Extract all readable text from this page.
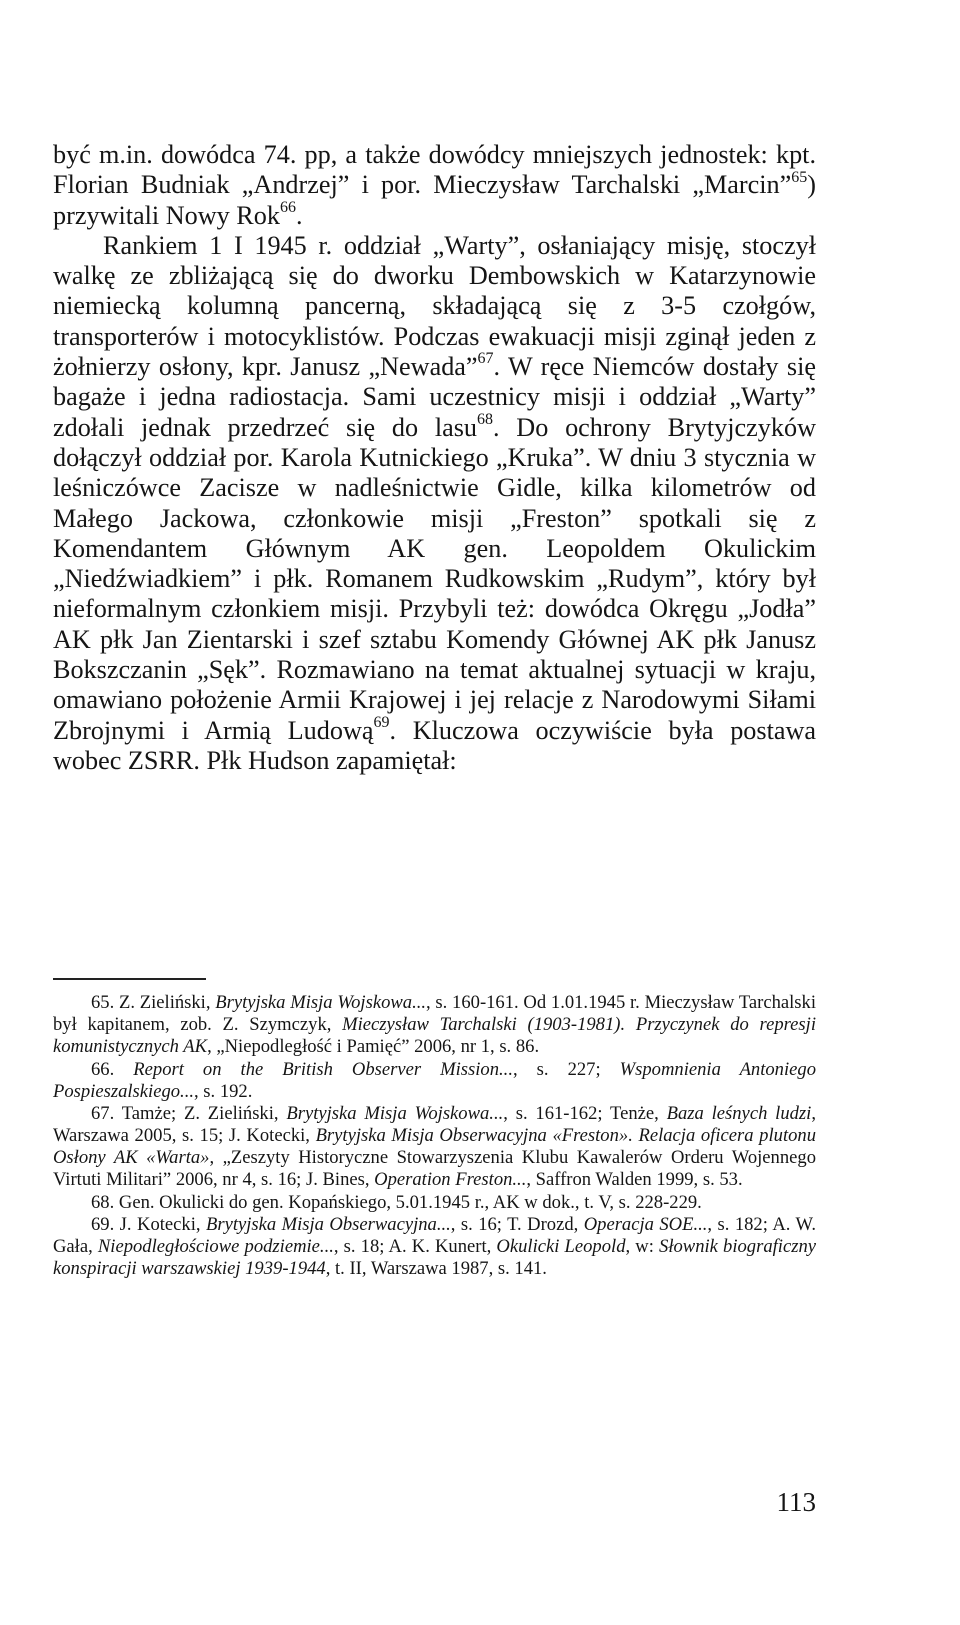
być m.in. dowódca 74. pp, a także dowódcy mniejszych jednostek: kpt. Florian Budniak „Andrzej” i por. Mieczysław Tarchalski „Marcin”$^{65}$) przywitali Nowy Rok$^{66}$.

Rankiem 1 I 1945 r. oddział „Warty”, osłaniający misję, stoczył walkę ze zbliżającą się do dworku Dembowskich w Katarzynowie niemiecką kolumną pancerną, składającą się z 3-5 czołgów, transporterów i motocyklistów. Podczas ewakuacji misji zginął jeden z żołnierzy osłony, kpr. Janusz „Newada”$^{67}$. W ręce Niemców dostały się bagaże i jedna radiostacja. Sami uczestnicy misji i oddział „Warty” zdołali jednak przedrzeć się do lasu$^{68}$. Do ochrony Brytyjczyków dołączył oddział por. Karola Kutnickiego „Kruka”. W dniu 3 stycznia w leśniczówce Zacisze w nadleśnictwie Gidle, kilka kilometrów od Małego Jackowa, członkowie misji „Freston” spotkali się z Komendantem Głównym AK gen. Leopoldem Okulickim „Niedźwiadkiem” i płk. Romanem Rudkowskim „Rudym”, który był nieformalnym członkiem misji. Przybyli też: dowódca Okręgu „Jodła” AK płk Jan Zientarski i szef sztabu Komendy Głównej AK płk Janusz Bokszczanin „Sęk”. Rozmawiano na temat aktualnej sytuacji w kraju, omawiano położenie Armii Krajowej i jej relacje z Narodowymi Siłami Zbrojnymi i Armią Ludową$^{69}$. Kluczowa oczywiście była postawa wobec ZSRR. Płk Hudson zapamiętał:

65. Z. Zieliński, Brytyjska Misja Wojskowa..., s. 160-161. Od 1.01.1945 r. Mieczysław Tarchalski był kapitanem, zob. Z. Szymczyk, Mieczysław Tarchalski (1903-1981). Przyczynek do represji komunistycznych AK, „Niepodległość i Pamięć” 2006, nr 1, s. 86.

66. Report on the British Observer Mission..., s. 227; Wspomnienia Antoniego Pospieszalskiego..., s. 192.

67. Tamże; Z. Zieliński, Brytyjska Misja Wojskowa..., s. 161-162; Tenże, Baza leśnych ludzi, Warszawa 2005, s. 15; J. Kotecki, Brytyjska Misja Obserwacyjna «Freston». Relacja oficera plutonu Osłony AK «Warta», „Zeszyty Historyczne Stowarzyszenia Klubu Kawalerów Orderu Wojennego Virtuti Militari” 2006, nr 4, s. 16; J. Bines, Operation Freston..., Saffron Walden 1999, s. 53.

68. Gen. Okulicki do gen. Kopańskiego, 5.01.1945 r., AK w dok., t. V, s. 228-229.

69. J. Kotecki, Brytyjska Misja Obserwacyjna..., s. 16; T. Drozd, Operacja SOE..., s. 182; A. W. Gała, Niepodległościowe podziemie..., s. 18; A. K. Kunert, Okulicki Leopold, w: Słownik biograficzny konspiracji warszawskiej 1939-1944, t. II, Warszawa 1987, s. 141.

113
